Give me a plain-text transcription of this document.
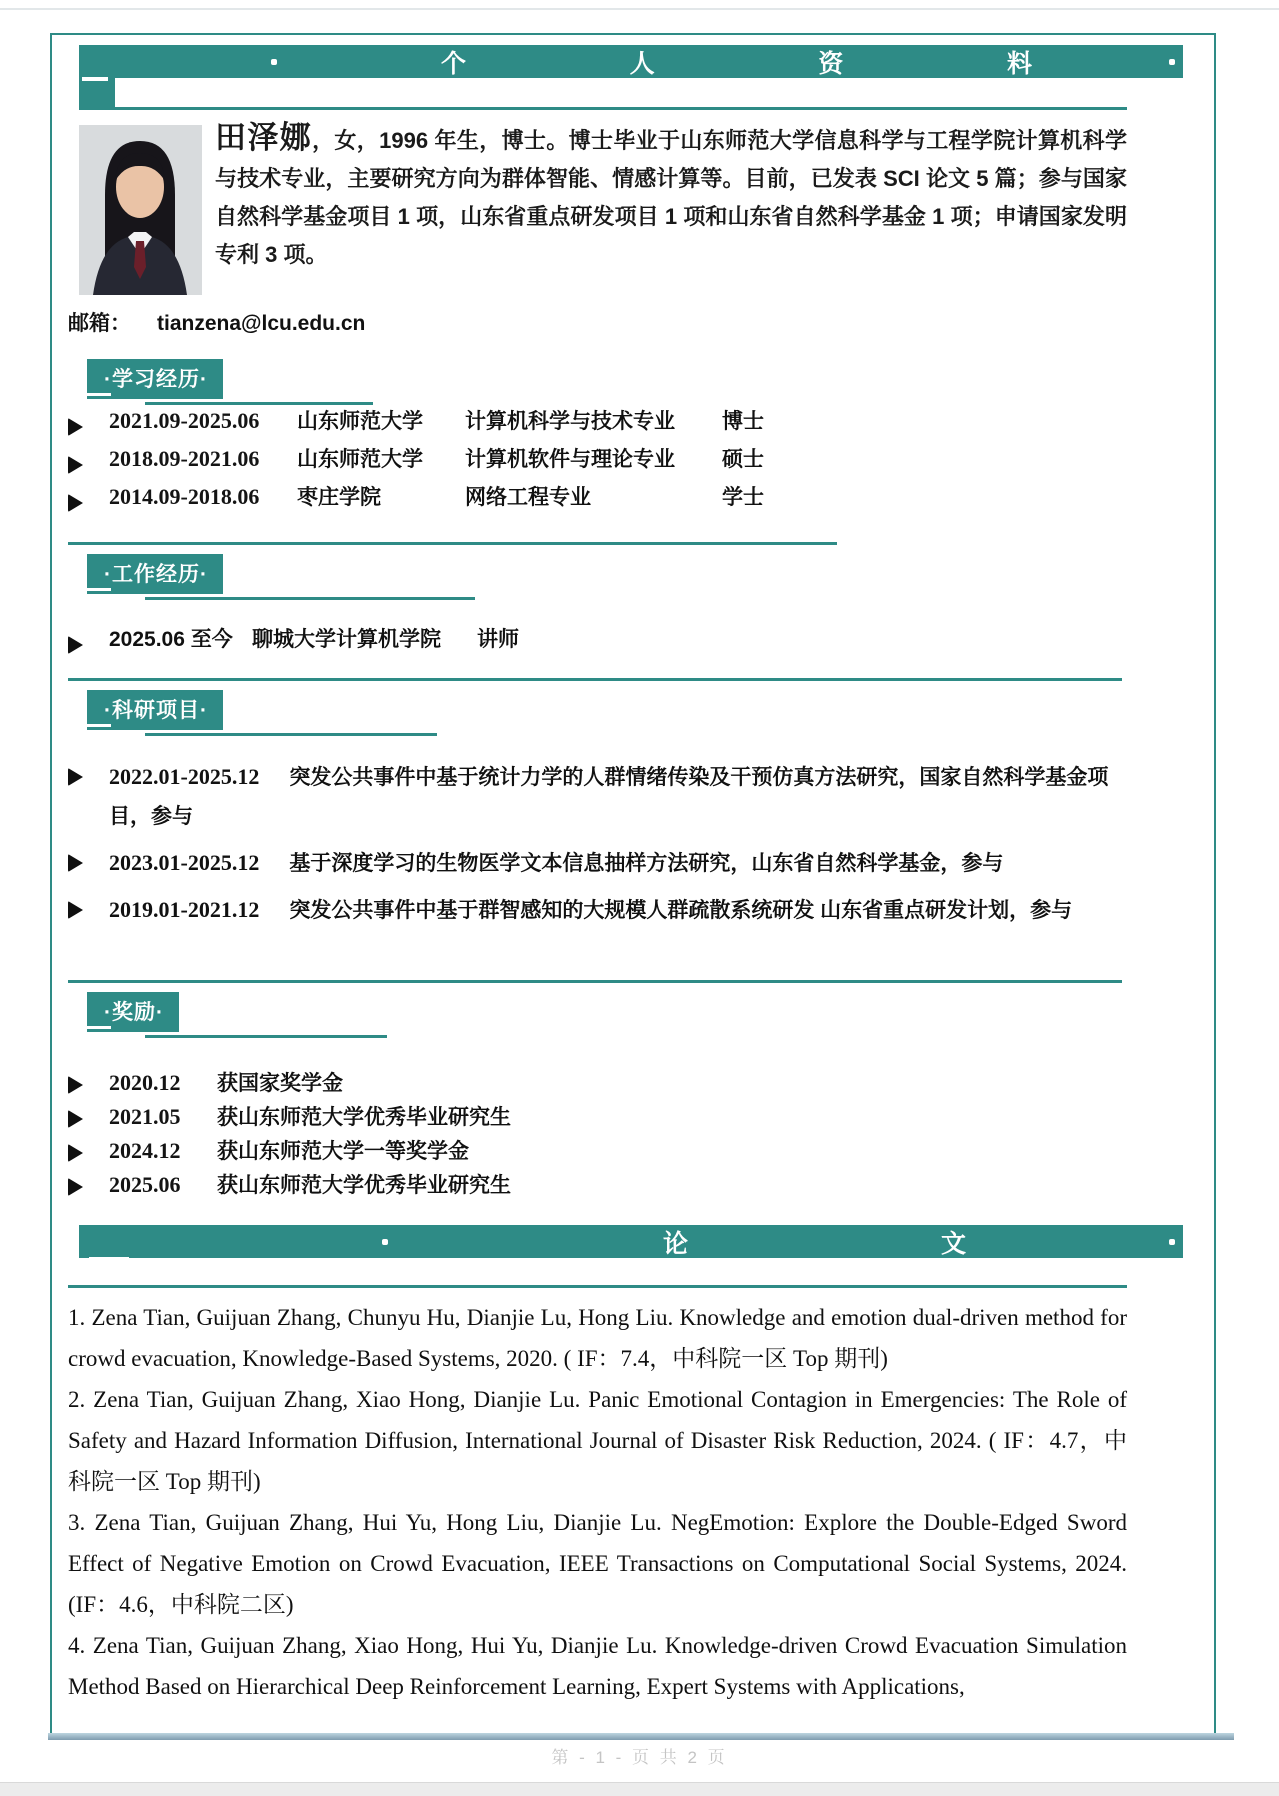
个	人	资	料
田泽娜，女，1996 年生，博士。博士毕业于山东师范大学信息科学与工程学院计算机科学与技术专业，主要研究方向为群体智能、情感计算等。目前，已发表 SCI 论文 5 篇；参与国家自然科学基金项目 1 项，山东省重点研发项目 1 项和山东省自然科学基金 1 项；申请国家发明专利 3 项。
邮箱： tianzena@lcu.edu.cn
·学习经历·
2021.09-2025.06	山东师范大学	计算机科学与技术专业	博士
2018.09-2021.06	山东师范大学	计算机软件与理论专业	硕士
2014.09-2018.06	枣庄学院	网络工程专业	学士
·工作经历·
2025.06 至今 聊城大学计算机学院	讲师
·科研项目·
2022.01-2025.12 突发公共事件中基于统计力学的人群情绪传染及干预仿真方法研究，国家自然科学基金项目，参与
2023.01-2025.12 基于深度学习的生物医学文本信息抽样方法研究，山东省自然科学基金，参与
2019.01-2021.12 突发公共事件中基于群智感知的大规模人群疏散系统研发 山东省重点研发计划，参与
·奖励·
2020.12	获国家奖学金
2021.05	获山东师范大学优秀毕业研究生
2024.12	获山东师范大学一等奖学金
2025.06	获山东师范大学优秀毕业研究生
论	文

1. Zena Tian, Guijuan Zhang, Chunyu Hu, Dianjie Lu, Hong Liu. Knowledge and emotion dual-driven method for crowd evacuation, Knowledge-Based Systems, 2020. ( IF：7.4，中科院一区 Top 期刊)

2. Zena Tian, Guijuan Zhang, Xiao Hong, Dianjie Lu. Panic Emotional Contagion in Emergencies: The Role of Safety and Hazard Information Diffusion, International Journal of Disaster Risk Reduction, 2024. ( IF：4.7，中科院一区 Top 期刊)

3. Zena Tian, Guijuan Zhang, Hui Yu, Hong Liu, Dianjie Lu. NegEmotion: Explore the Double-Edged Sword Effect of Negative Emotion on Crowd Evacuation, IEEE Transactions on Computational Social Systems, 2024. (IF：4.6，中科院二区)

4. Zena Tian, Guijuan Zhang, Xiao Hong, Hui Yu, Dianjie Lu. Knowledge-driven Crowd Evacuation Simulation Method Based on Hierarchical Deep Reinforcement Learning, Expert Systems with Applications,

第 - 1 - 页 共 2 页
